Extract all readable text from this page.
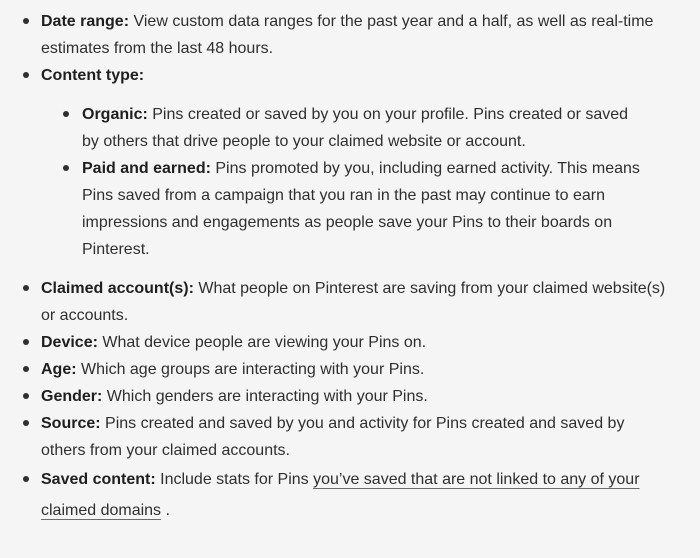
Date range: View custom data ranges for the past year and a half, as well as real-time estimates from the last 48 hours.
Content type:
Organic: Pins created or saved by you on your profile. Pins created or saved by others that drive people to your claimed website or account.
Paid and earned: Pins promoted by you, including earned activity. This means Pins saved from a campaign that you ran in the past may continue to earn impressions and engagements as people save your Pins to their boards on Pinterest.
Claimed account(s): What people on Pinterest are saving from your claimed website(s) or accounts.
Device: What device people are viewing your Pins on.
Age: Which age groups are interacting with your Pins.
Gender: Which genders are interacting with your Pins.
Source: Pins created and saved by you and activity for Pins created and saved by others from your claimed accounts.
Saved content: Include stats for Pins you’ve saved that are not linked to any of your claimed domains .
